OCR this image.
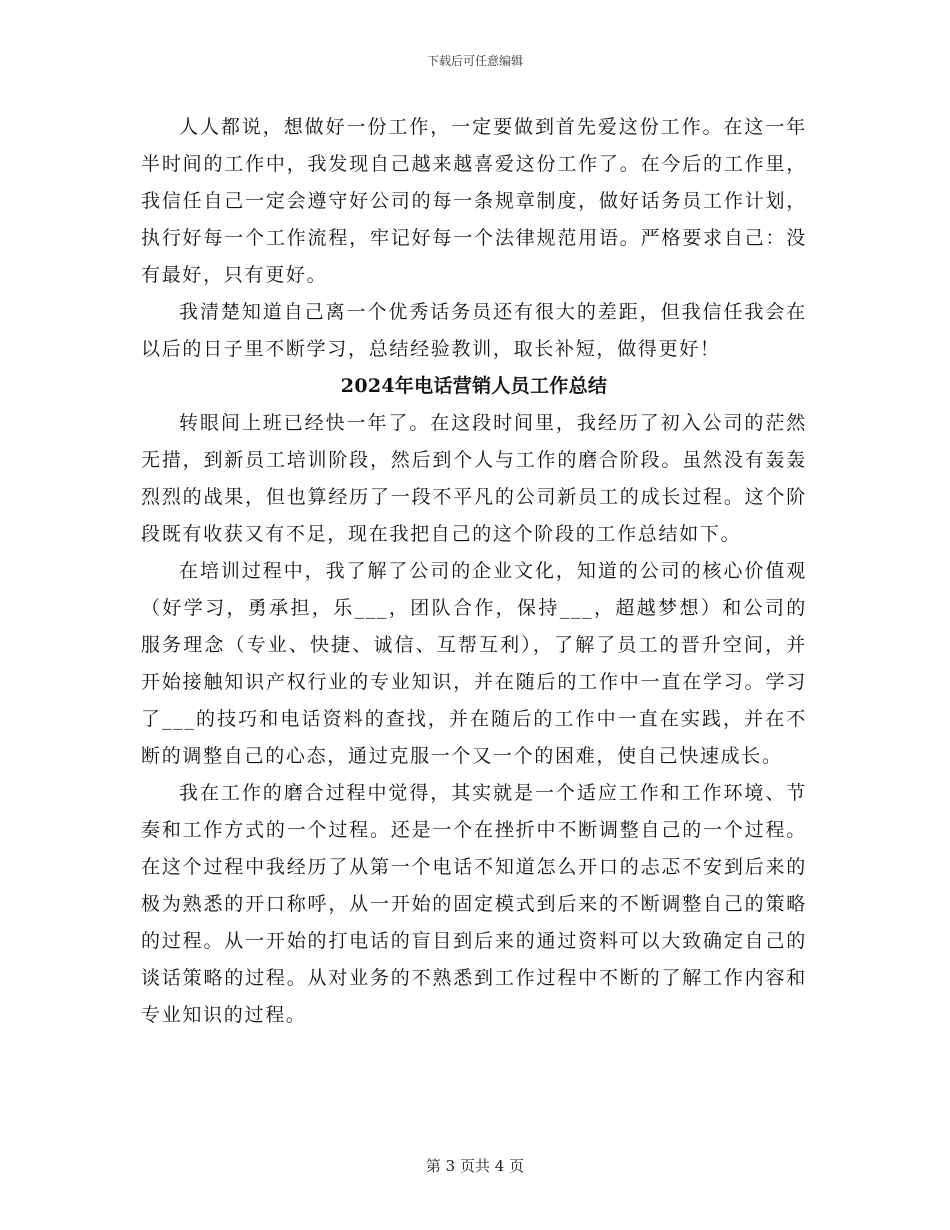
下载后可任意编辑

人人都说，想做好一份工作，一定要做到首先爱这份工作。在这一年半时间的工作中，我发现自己越来越喜爱这份工作了。在今后的工作里，我信任自己一定会遵守好公司的每一条规章制度，做好话务员工作计划，执行好每一个工作流程，牢记好每一个法律规范用语。严格要求自己：没有最好，只有更好。

我清楚知道自己离一个优秀话务员还有很大的差距，但我信任我会在以后的日子里不断学习，总结经验教训，取长补短，做得更好！

2024年电话营销人员工作总结

转眼间上班已经快一年了。在这段时间里，我经历了初入公司的茫然无措，到新员工培训阶段，然后到个人与工作的磨合阶段。虽然没有轰轰烈烈的战果，但也算经历了一段不平凡的公司新员工的成长过程。这个阶段既有收获又有不足，现在我把自己的这个阶段的工作总结如下。

在培训过程中，我了解了公司的企业文化，知道的公司的核心价值观（好学习，勇承担，乐___，团队合作，保持___，超越梦想）和公司的服务理念（专业、快捷、诚信、互帮互利），了解了员工的晋升空间，并开始接触知识产权行业的专业知识，并在随后的工作中一直在学习。学习了___的技巧和电话资料的查找，并在随后的工作中一直在实践，并在不断的调整自己的心态，通过克服一个又一个的困难，使自己快速成长。

我在工作的磨合过程中觉得，其实就是一个适应工作和工作环境、节奏和工作方式的一个过程。还是一个在挫折中不断调整自己的一个过程。在这个过程中我经历了从第一个电话不知道怎么开口的忐忑不安到后来的极为熟悉的开口称呼，从一开始的固定模式到后来的不断调整自己的策略的过程。从一开始的打电话的盲目到后来的通过资料可以大致确定自己的谈话策略的过程。从对业务的不熟悉到工作过程中不断的了解工作内容和专业知识的过程。

第 3 页共 4 页
